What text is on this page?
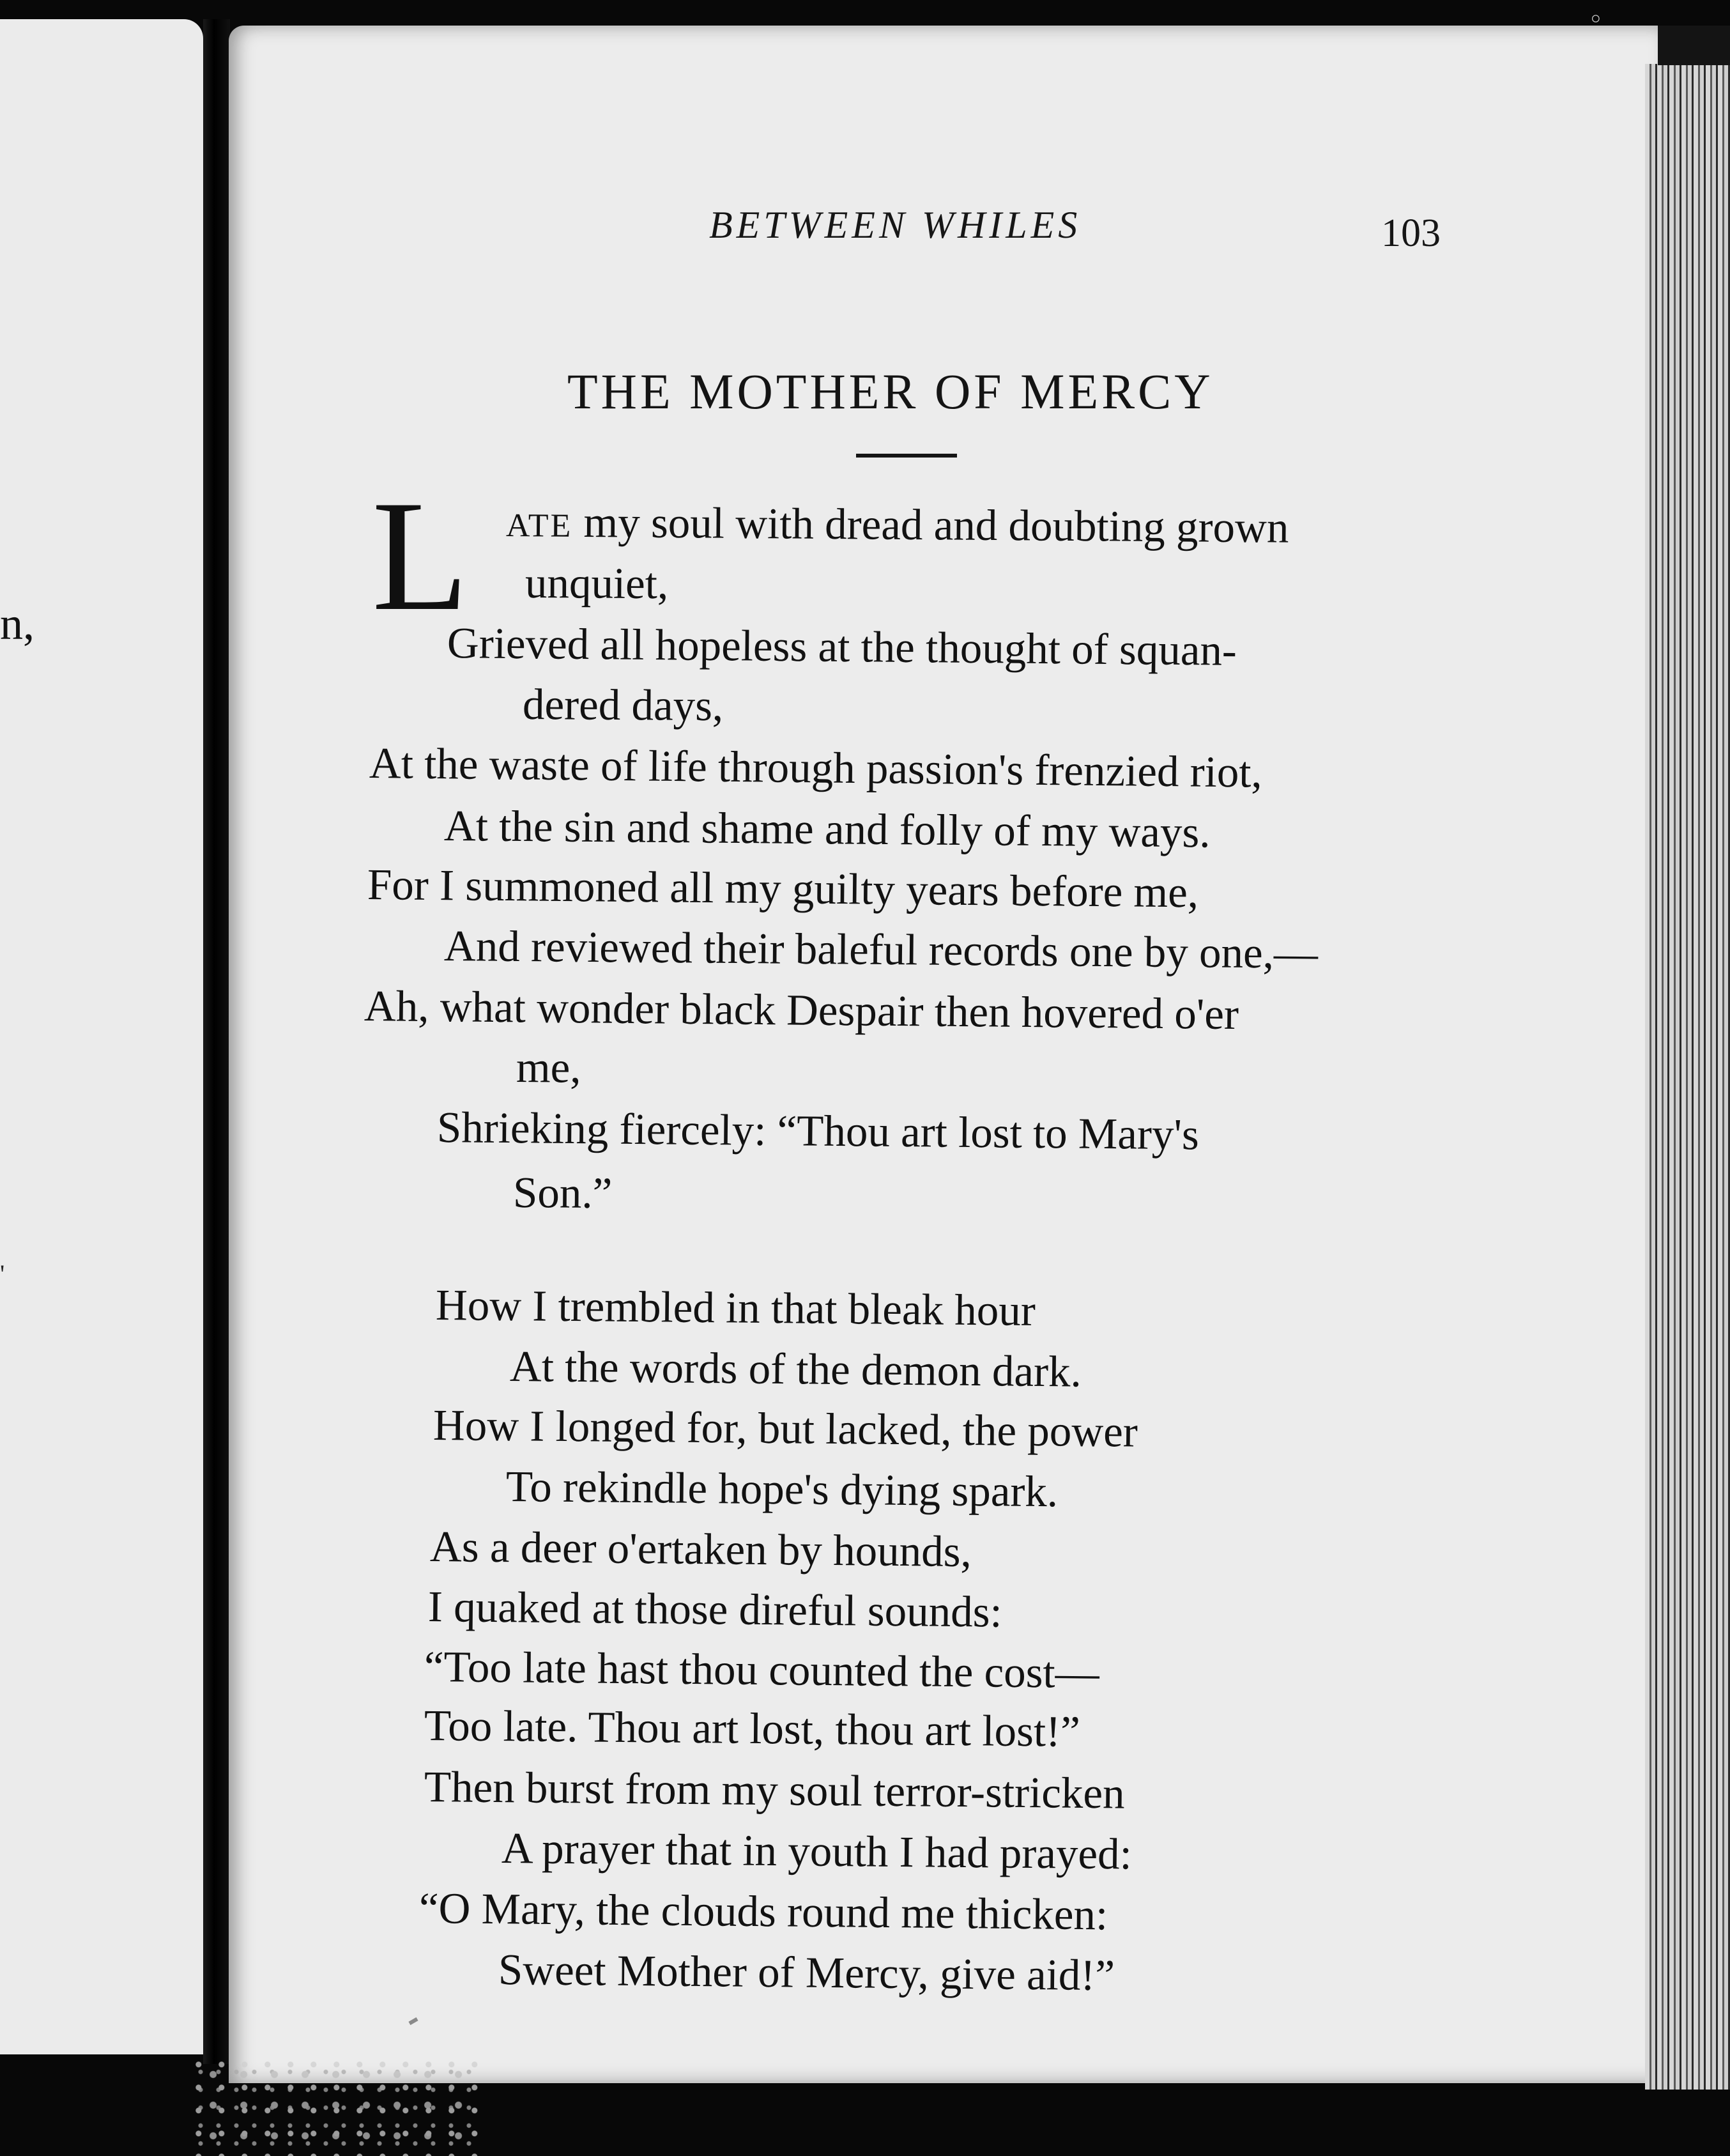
n,
'
◦
BETWEEN WHILES	103
THE MOTHER OF MERCY
L ATE my soul with dread and doubting grown
unquiet,
Grieved all hopeless at the thought of squan-
dered days,
At the waste of life through passion's frenzied riot,
At the sin and shame and folly of my ways.
For I summoned all my guilty years before me,
And reviewed their baleful records one by one,—
Ah, what wonder black Despair then hovered o'er
me,
Shrieking fiercely: “Thou art lost to Mary's
Son.”
How I trembled in that bleak hour
At the words of the demon dark.
How I longed for, but lacked, the power
To rekindle hope's dying spark.
As a deer o'ertaken by hounds,
I quaked at those direful sounds:
“Too late hast thou counted the cost—
Too late. Thou art lost, thou art lost!”
Then burst from my soul terror-stricken
A prayer that in youth I had prayed:
“O Mary, the clouds round me thicken:
Sweet Mother of Mercy, give aid!”
